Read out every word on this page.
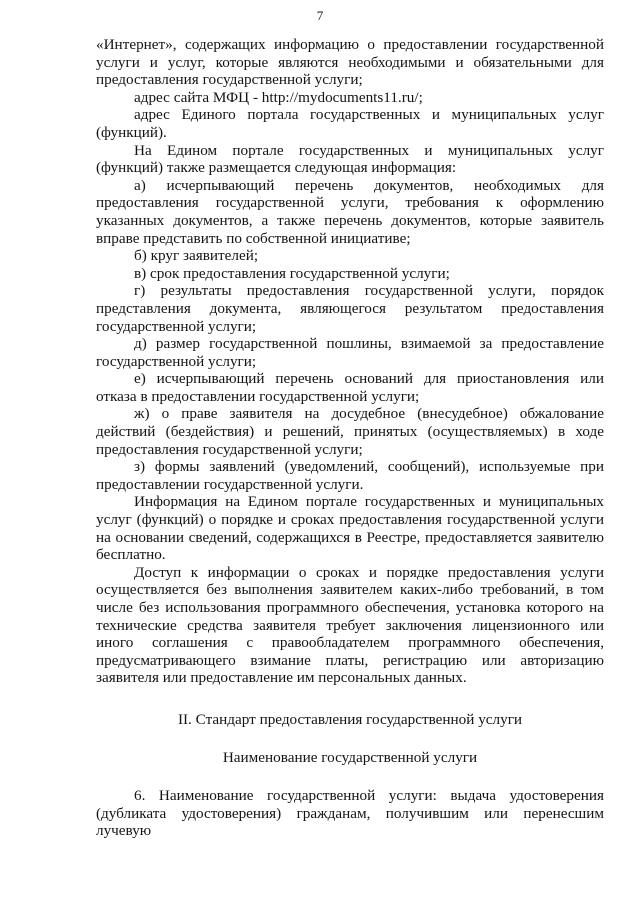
7

«Интернет», содержащих информацию о предоставлении государственной услуги и услуг, которые являются необходимыми и обязательными для предоставления государственной услуги;

адрес сайта МФЦ - http://mydocuments11.ru/;

адрес Единого портала государственных и муниципальных услуг (функций).

На Едином портале государственных и муниципальных услуг (функций) также размещается следующая информация:

а) исчерпывающий перечень документов, необходимых для предоставления государственной услуги, требования к оформлению указанных документов, а также перечень документов, которые заявитель вправе представить по собственной инициативе;

б) круг заявителей;

в) срок предоставления государственной услуги;

г) результаты предоставления государственной услуги, порядок представления документа, являющегося результатом предоставления государственной услуги;

д) размер государственной пошлины, взимаемой за предоставление государственной услуги;

е) исчерпывающий перечень оснований для приостановления или отказа в предоставлении государственной услуги;

ж) о праве заявителя на досудебное (внесудебное) обжалование действий (бездействия) и решений, принятых (осуществляемых) в ходе предоставления государственной услуги;

з) формы заявлений (уведомлений, сообщений), используемые при предоставлении государственной услуги.

Информация на Едином портале государственных и муниципальных услуг (функций) о порядке и сроках предоставления государственной услуги на основании сведений, содержащихся в Реестре, предоставляется заявителю бесплатно.

Доступ к информации о сроках и порядке предоставления услуги осуществляется без выполнения заявителем каких-либо требований, в том числе без использования программного обеспечения, установка которого на технические средства заявителя требует заключения лицензионного или иного соглашения с правообладателем программного обеспечения, предусматривающего взимание платы, регистрацию или авторизацию заявителя или предоставление им персональных данных.

II. Стандарт предоставления государственной услуги

Наименование государственной услуги

6. Наименование государственной услуги: выдача удостоверения (дубликата удостоверения) гражданам, получившим или перенесшим лучевую
